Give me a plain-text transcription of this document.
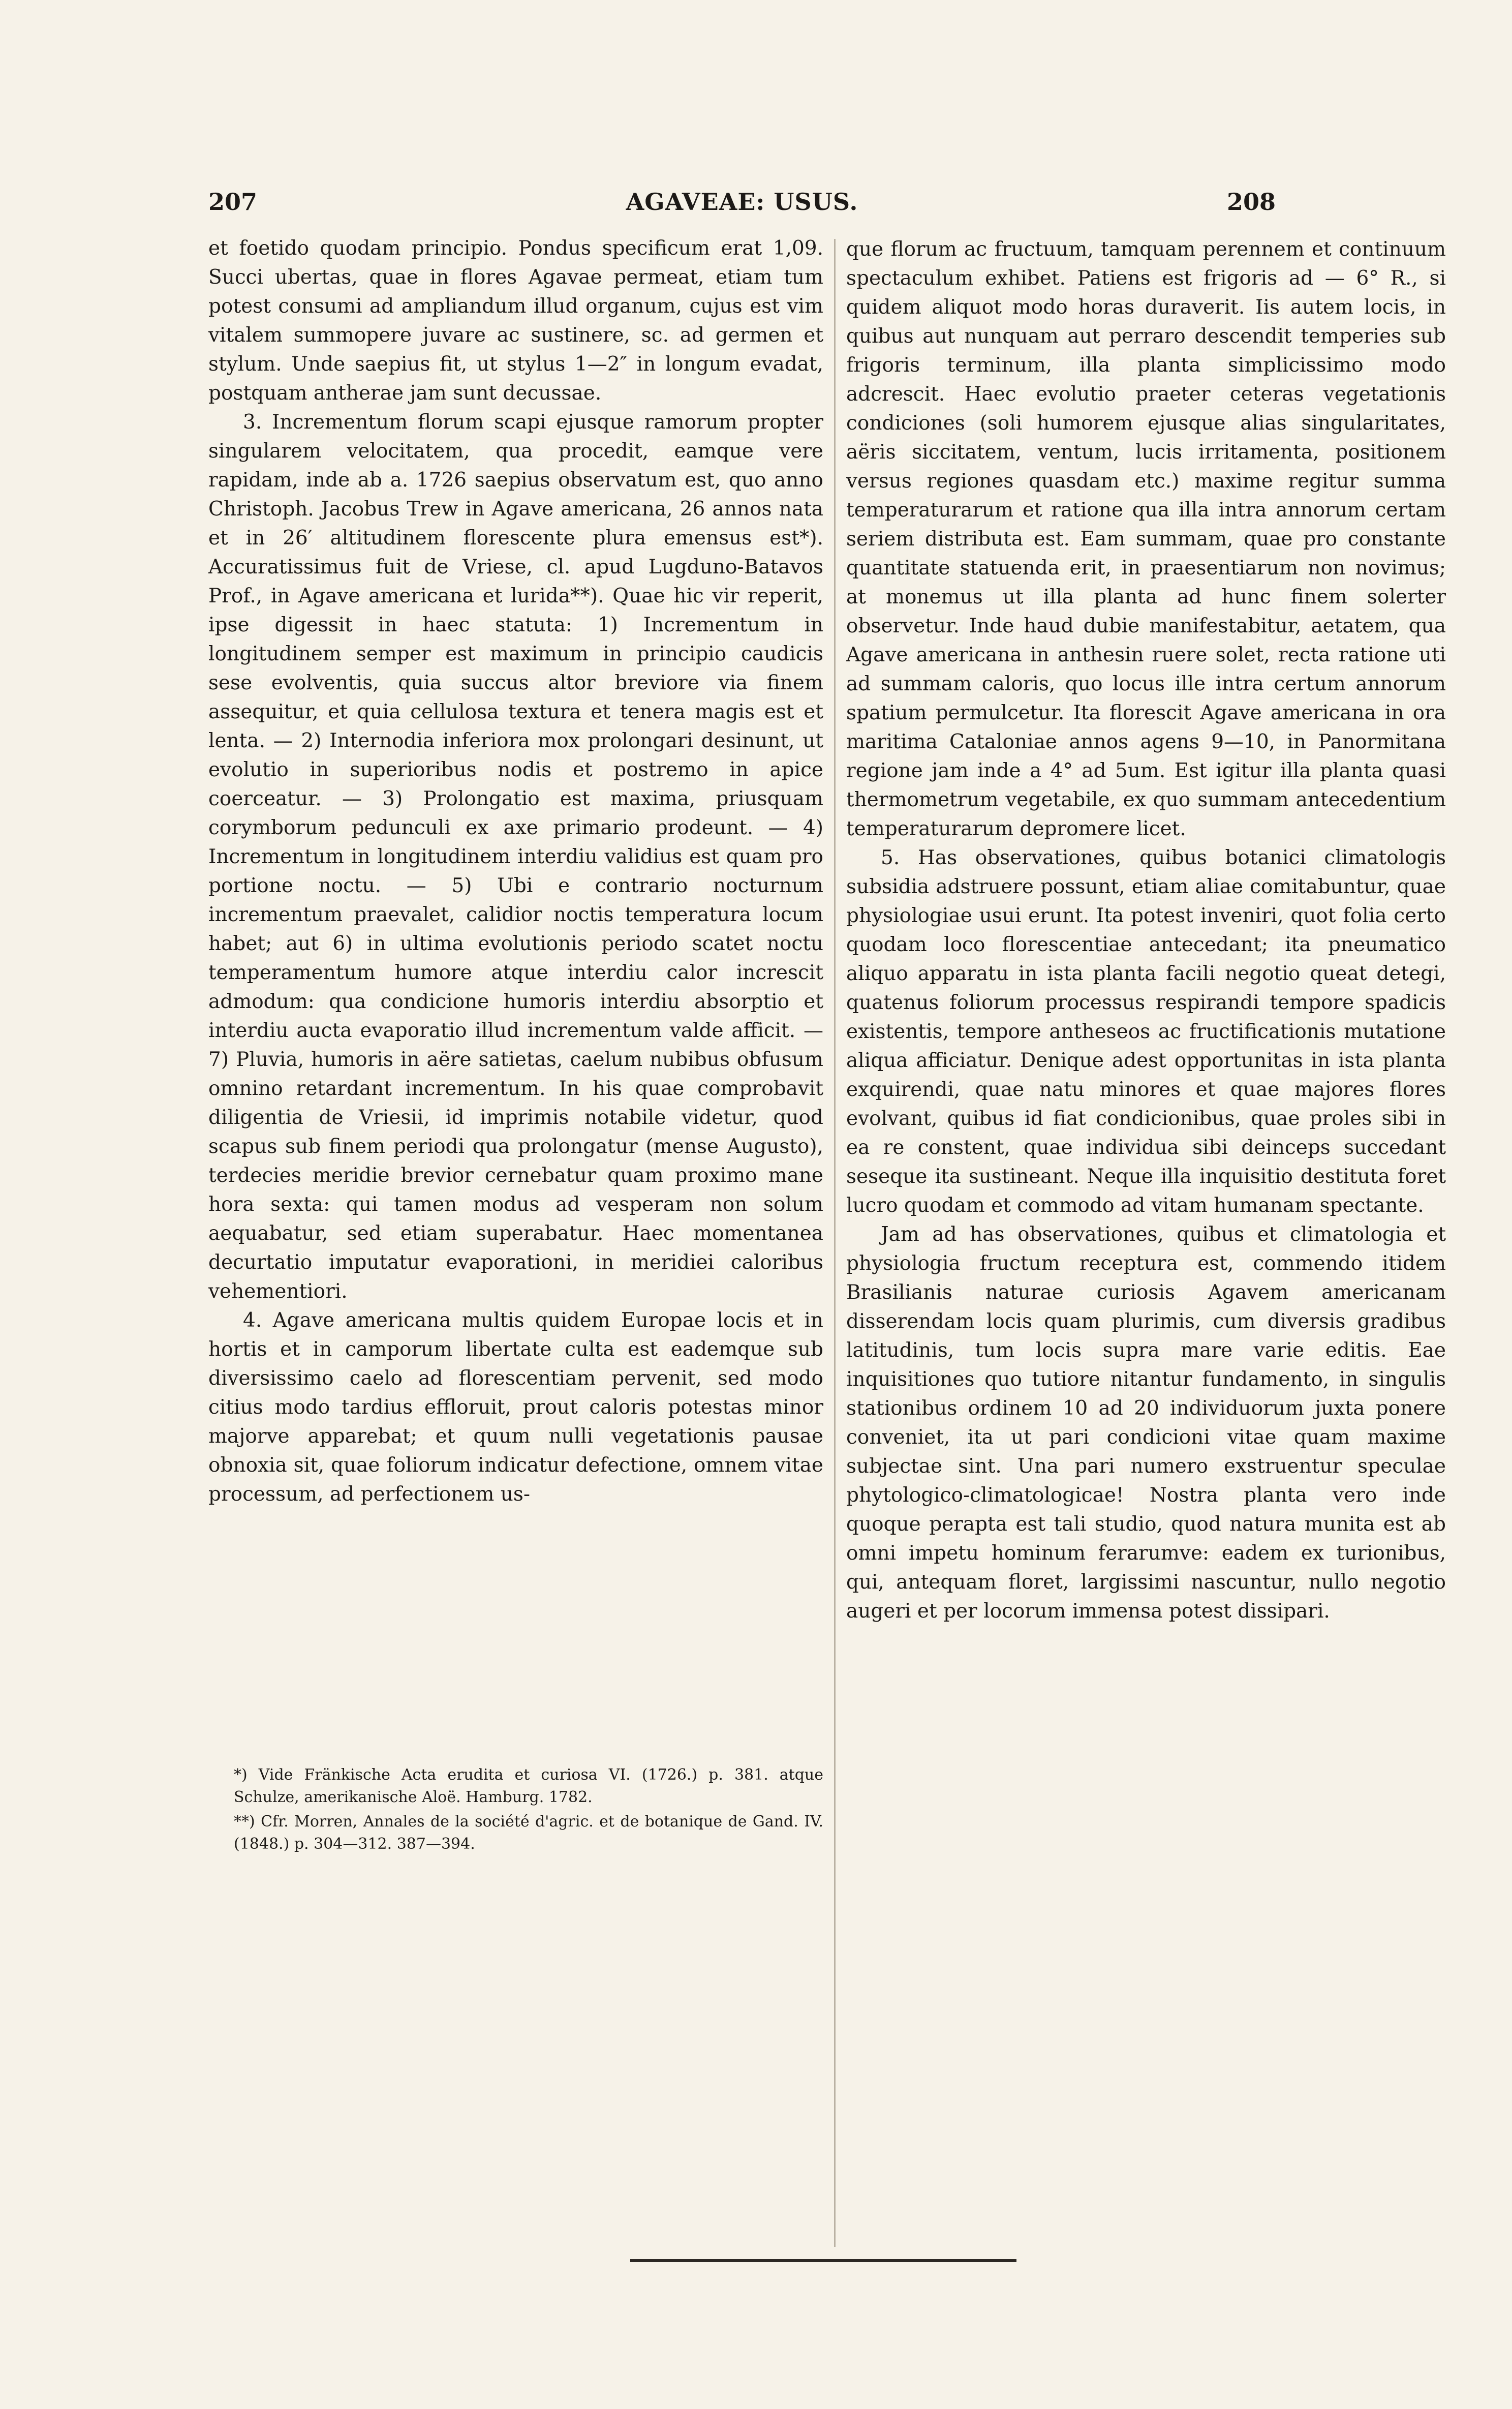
207	AGAVEAE: USUS.	208

et foetido quodam principio. Pondus specificum erat 1,09. Succi ubertas, quae in flores Agavae permeat, etiam tum potest consumi ad ampliandum illud organum, cujus est vim vitalem summopere juvare ac sustinere, sc. ad germen et stylum. Unde saepius fit, ut stylus 1—2″ in longum evadat, postquam antherae jam sunt decussae.

3. Incrementum florum scapi ejusque ramorum propter singularem velocitatem, qua procedit, eamque vere rapidam, inde ab a. 1726 saepius observatum est, quo anno Christoph. Jacobus Trew in Agave americana, 26 annos nata et in 26′ altitudinem florescente plura emensus est*). Accuratissimus fuit de Vriese, cl. apud Lugduno-Batavos Prof., in Agave americana et lurida**). Quae hic vir reperit, ipse digessit in haec statuta: 1) Incrementum in longitudinem semper est maximum in principio caudicis sese evolventis, quia succus altor breviore via finem assequitur, et quia cellulosa textura et tenera magis est et lenta. — 2) Internodia inferiora mox prolongari desinunt, ut evolutio in superioribus nodis et postremo in apice coerceatur. — 3) Prolongatio est maxima, priusquam corymborum pedunculi ex axe primario prodeunt. — 4) Incrementum in longitudinem interdiu validius est quam pro portione noctu. — 5) Ubi e contrario nocturnum incrementum praevalet, calidior noctis temperatura locum habet; aut 6) in ultima evolutionis periodo scatet noctu temperamentum humore atque interdiu calor increscit admodum: qua condicione humoris interdiu absorptio et interdiu aucta evaporatio illud incrementum valde afficit. — 7) Pluvia, humoris in aëre satietas, caelum nubibus obfusum omnino retardant incrementum. In his quae comprobavit diligentia de Vriesii, id imprimis notabile videtur, quod scapus sub finem periodi qua prolongatur (mense Augusto), terdecies meridie brevior cernebatur quam proximo mane hora sexta: qui tamen modus ad vesperam non solum aequabatur, sed etiam superabatur. Haec momentanea decurtatio imputatur evaporationi, in meridiei caloribus vehementiori.

4. Agave americana multis quidem Europae locis et in hortis et in camporum libertate culta est eademque sub diversissimo caelo ad florescentiam pervenit, sed modo citius modo tardius effloruit, prout caloris potestas minor majorve apparebat; et quum nulli vegetationis pausae obnoxia sit, quae foliorum indicatur defectione, omnem vitae processum, ad perfectionem us-

que florum ac fructuum, tamquam perennem et continuum spectaculum exhibet. Patiens est frigoris ad — 6° R., si quidem aliquot modo horas duraverit. Iis autem locis, in quibus aut nunquam aut perraro descendit temperies sub frigoris terminum, illa planta simplicissimo modo adcrescit. Haec evolutio praeter ceteras vegetationis condiciones (soli humorem ejusque alias singularitates, aëris siccitatem, ventum, lucis irritamenta, positionem versus regiones quasdam etc.) maxime regitur summa temperaturarum et ratione qua illa intra annorum certam seriem distributa est. Eam summam, quae pro constante quantitate statuenda erit, in praesentiarum non novimus; at monemus ut illa planta ad hunc finem solerter observetur. Inde haud dubie manifestabitur, aetatem, qua Agave americana in anthesin ruere solet, recta ratione uti ad summam caloris, quo locus ille intra certum annorum spatium permulcetur. Ita florescit Agave americana in ora maritima Cataloniae annos agens 9—10, in Panormitana regione jam inde a 4° ad 5um. Est igitur illa planta quasi thermometrum vegetabile, ex quo summam antecedentium temperaturarum depromere licet.

5. Has observationes, quibus botanici climatologis subsidia adstruere possunt, etiam aliae comitabuntur, quae physiologiae usui erunt. Ita potest inveniri, quot folia certo quodam loco florescentiae antecedant; ita pneumatico aliquo apparatu in ista planta facili negotio queat detegi, quatenus foliorum processus respirandi tempore spadicis existentis, tempore antheseos ac fructificationis mutatione aliqua afficiatur. Denique adest opportunitas in ista planta exquirendi, quae natu minores et quae majores flores evolvant, quibus id fiat condicionibus, quae proles sibi in ea re constent, quae individua sibi deinceps succedant seseque ita sustineant. Neque illa inquisitio destituta foret lucro quodam et commodo ad vitam humanam spectante.

Jam ad has observationes, quibus et climatologia et physiologia fructum receptura est, commendo itidem Brasilianis naturae curiosis Agavem americanam disserendam locis quam plurimis, cum diversis gradibus latitudinis, tum locis supra mare varie editis. Eae inquisitiones quo tutiore nitantur fundamento, in singulis stationibus ordinem 10 ad 20 individuorum juxta ponere conveniet, ita ut pari condicioni vitae quam maxime subjectae sint. Una pari numero exstruentur speculae phytologico-climatologicae! Nostra planta vero inde quoque perapta est tali studio, quod natura munita est ab omni impetu hominum ferarumve: eadem ex turionibus, qui, antequam floret, largissimi nascuntur, nullo negotio augeri et per locorum immensa potest dissipari.

*) Vide Fränkische Acta erudita et curiosa VI. (1726.) p. 381. atque Schulze, amerikanische Aloë. Hamburg. 1782.

**) Cfr. Morren, Annales de la société d'agric. et de botanique de Gand. IV. (1848.) p. 304—312. 387—394.
